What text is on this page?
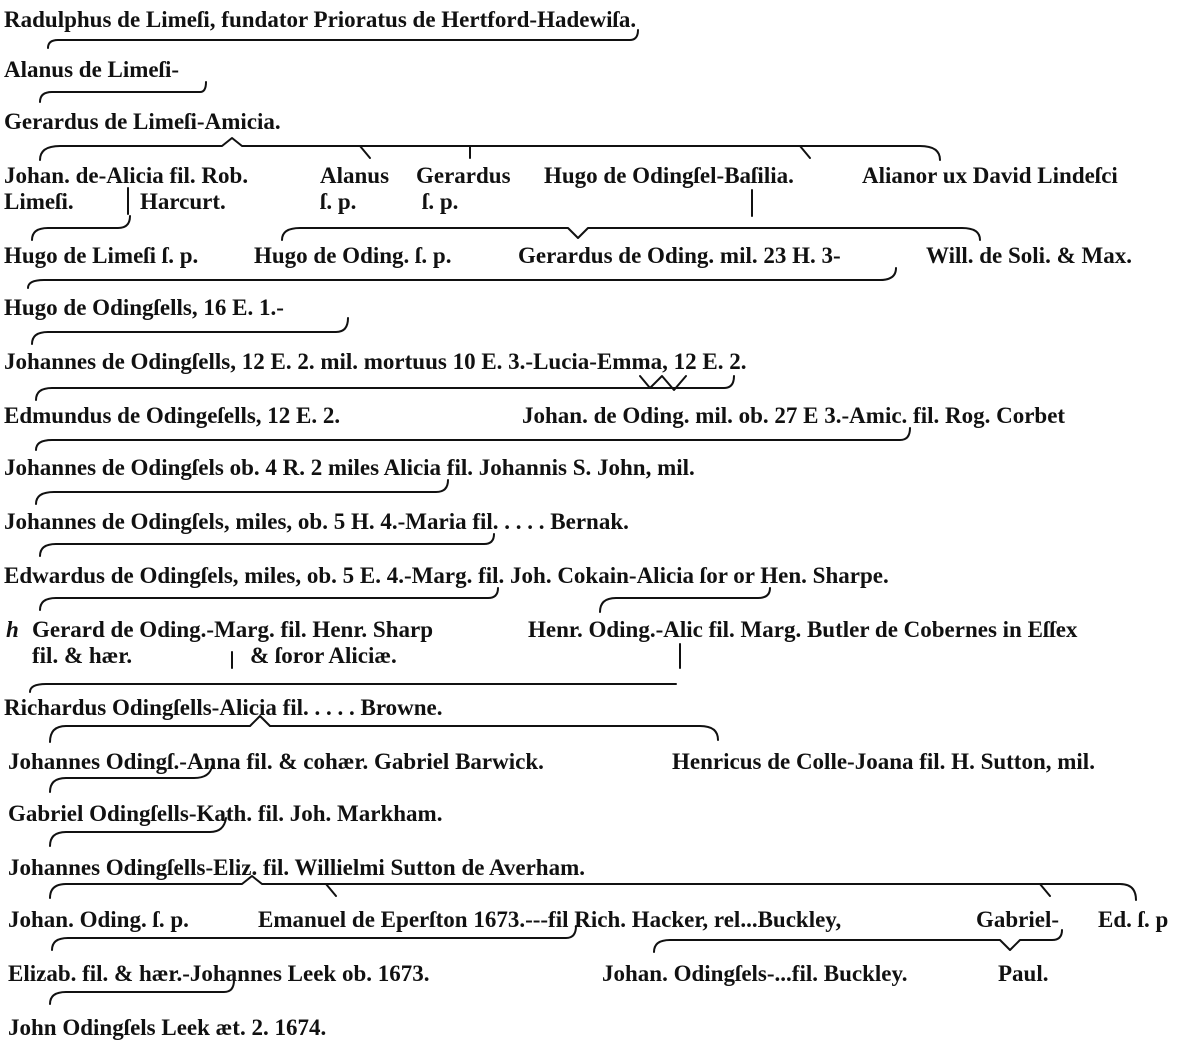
Radulphus de Limeſi, fundator Prioratus de Hertford-Hadewiſa.
Alanus de Limeſi-
Gerardus de Limeſi-Amicia.
Johan. de-Alicia fil. Rob.	Alanus Gerardus Hugo de Odingſel-Baſilia.	Alianor ux David Lindeſci
Limeſi.	Harcurt.	ſ. p.	ſ. p.
Hugo de Limeſi ſ. p. Hugo de Oding. ſ. p.	Gerardus de Oding. mil. 23 H. 3-	Will. de Soli. & Max.
Hugo de Odingſells, 16 E. 1.-
Johannes de Odingſells, 12 E. 2. mil. mortuus 10 E. 3.-Lucia-Emma, 12 E. 2.
Edmundus de Odingeſells, 12 E. 2.	Johan. de Oding. mil. ob. 27 E 3.-Amic. fil. Rog. Corbet
Johannes de Odingſels ob. 4 R. 2 miles Alicia fil. Johannis S. John, mil.
Johannes de Odingſels, miles, ob. 5 H. 4.-Maria fil. . . . . Bernak.
Edwardus de Odingſels, miles, ob. 5 E. 4.-Marg. fil. Joh. Cokain-Alicia ſor or Hen. Sharpe.
h Gerard de Oding.-Marg. fil. Henr. Sharp	Henr. Oding.-Alic fil. Marg. Butler de Cobernes in Eſſex
fil. & hær.	& ſoror Aliciæ.
Richardus Odingſells-Alicia fil. . . . . Browne.
Johannes Odingſ.-Anna fil. & cohær. Gabriel Barwick.	Henricus de Colle-Joana fil. H. Sutton, mil.
Gabriel Odingſells-Kath. fil. Joh. Markham.
Johannes Odingſells-Eliz. fil. Willielmi Sutton de Averham.
Johan. Oding. ſ. p.	Emanuel de Eperſton 1673.---fil Rich. Hacker, rel...Buckley,	Gabriel- Ed. ſ. p
Elizab. fil. & hær.-Johannes Leek ob. 1673.	Johan. Odingſels-...fil. Buckley.	Paul.
John Odingſels Leek æt. 2. 1674.
